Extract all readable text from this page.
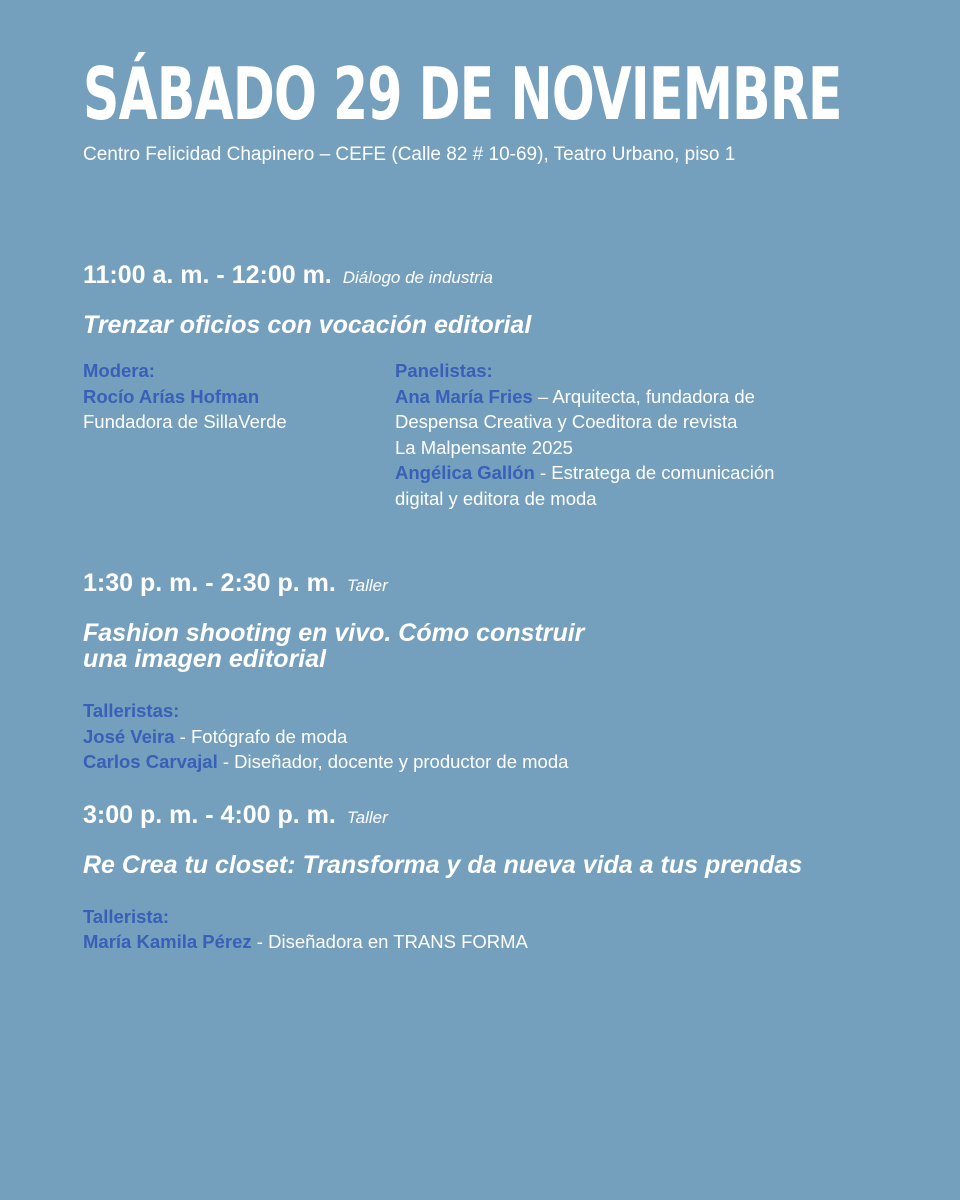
SÁBADO 29 DE NOVIEMBRE
Centro Felicidad Chapinero – CEFE (Calle 82 # 10-69), Teatro Urbano, piso 1
11:00 a. m. - 12:00 m. Diálogo de industria
Trenzar oficios con vocación editorial
Modera:
Rocío Arías Hofman
Fundadora de SillaVerde
Panelistas:
Ana María Fries – Arquitecta, fundadora de
Despensa Creativa y Coeditora de revista
La Malpensante 2025
Angélica Gallón - Estratega de comunicación
digital y editora de moda
1:30 p. m. - 2:30 p. m. Taller
Fashion shooting en vivo. Cómo construir
una imagen editorial
Talleristas:
José Veira - Fotógrafo de moda
Carlos Carvajal - Diseñador, docente y productor de moda
3:00 p. m. - 4:00 p. m. Taller
Re Crea tu closet: Transforma y da nueva vida a tus prendas
Tallerista:
María Kamila Pérez - Diseñadora en TRANS FORMA
